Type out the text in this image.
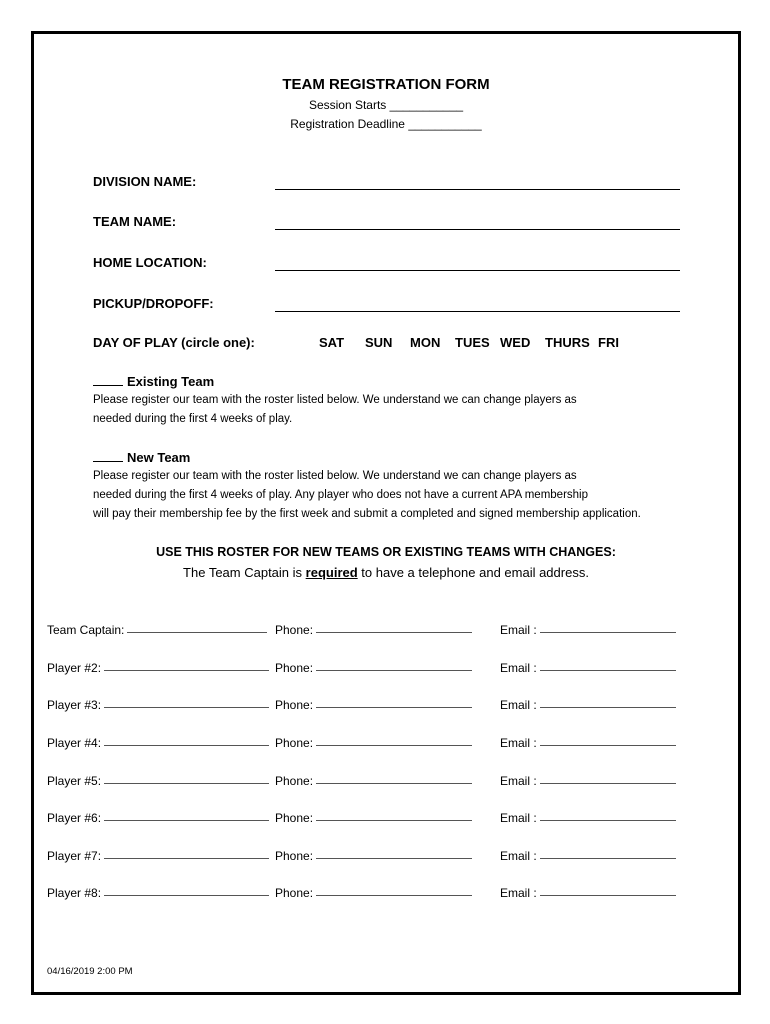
TEAM REGISTRATION FORM
Session Starts ___________
Registration Deadline ___________
DIVISION NAME:
TEAM NAME:
HOME LOCATION:
PICKUP/DROPOFF:
DAY OF PLAY (circle one):	SAT SUN MON TUES WED THURS FRI
Existing Team
Please register our team with the roster listed below. We understand we can change players as
needed during the first 4 weeks of play.
New Team
Please register our team with the roster listed below. We understand we can change players as
needed during the first 4 weeks of play. Any player who does not have a current APA membership
will pay their membership fee by the first week and submit a completed and signed membership application.
USE THIS ROSTER FOR NEW TEAMS OR EXISTING TEAMS WITH CHANGES:
The Team Captain is required to have a telephone and email address.
Team Captain:	Phone:	Email :
Player #2:	Phone:	Email :
Player #3:	Phone:	Email :
Player #4:	Phone:	Email :
Player #5:	Phone:	Email :
Player #6:	Phone:	Email :
Player #7:	Phone:	Email :
Player #8:	Phone:	Email :
04/16/2019 2:00 PM
